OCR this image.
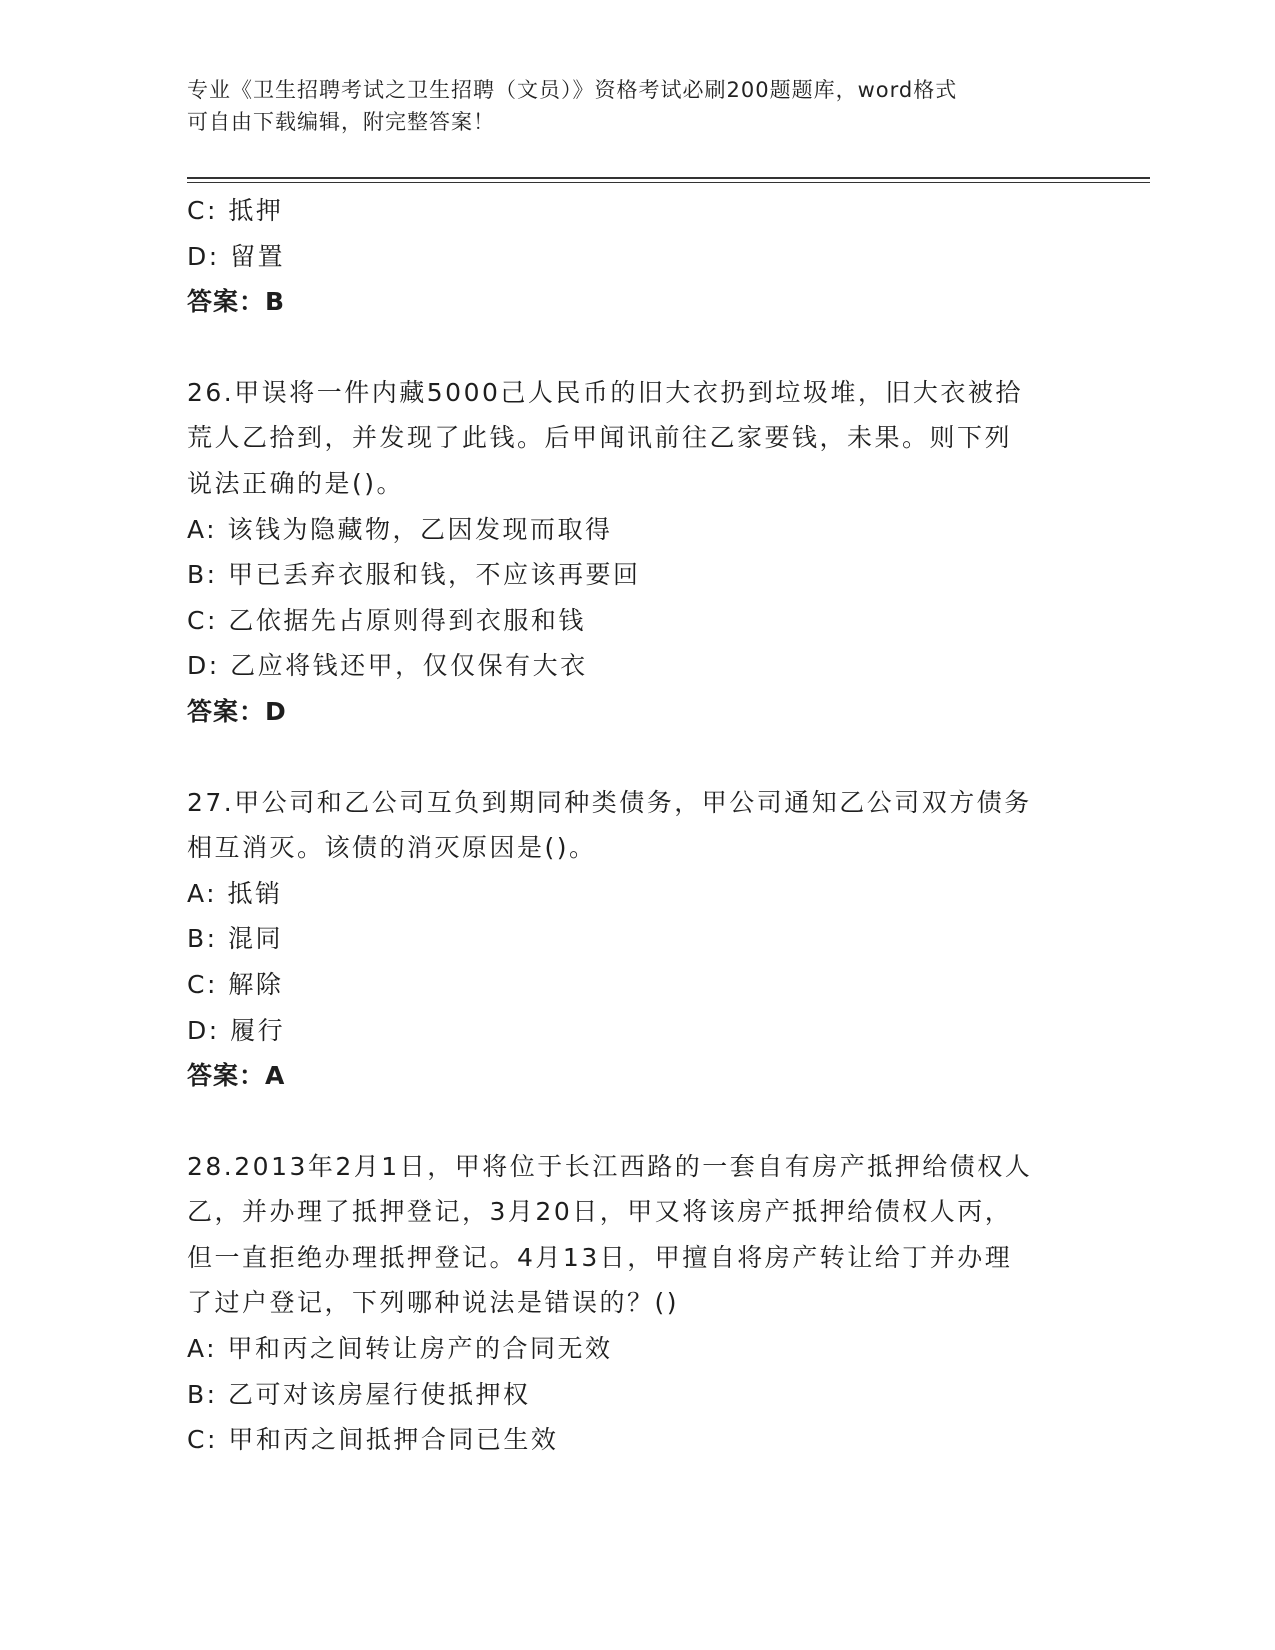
专业《卫生招聘考试之卫生招聘（文员）》资格考试必刷200题题库，word格式
可自由下载编辑，附完整答案！
C: 抵押
D: 留置
答案：B
26.甲误将一件内藏5000己人民币的旧大衣扔到垃圾堆，旧大衣被拾
荒人乙拾到，并发现了此钱。后甲闻讯前往乙家要钱，未果。则下列
说法正确的是()。
A: 该钱为隐藏物，乙因发现而取得
B: 甲已丢弃衣服和钱，不应该再要回
C: 乙依据先占原则得到衣服和钱
D: 乙应将钱还甲，仅仅保有大衣
答案：D
27.甲公司和乙公司互负到期同种类债务，甲公司通知乙公司双方债务
相互消灭。该债的消灭原因是()。
A: 抵销
B: 混同
C: 解除
D: 履行
答案：A
28.2013年2月1日，甲将位于长江西路的一套自有房产抵押给债权人
乙，并办理了抵押登记，3月20日，甲又将该房产抵押给债权人丙，
但一直拒绝办理抵押登记。4月13日，甲擅自将房产转让给丁并办理
了过户登记，下列哪种说法是错误的？()
A: 甲和丙之间转让房产的合同无效
B: 乙可对该房屋行使抵押权
C: 甲和丙之间抵押合同已生效
